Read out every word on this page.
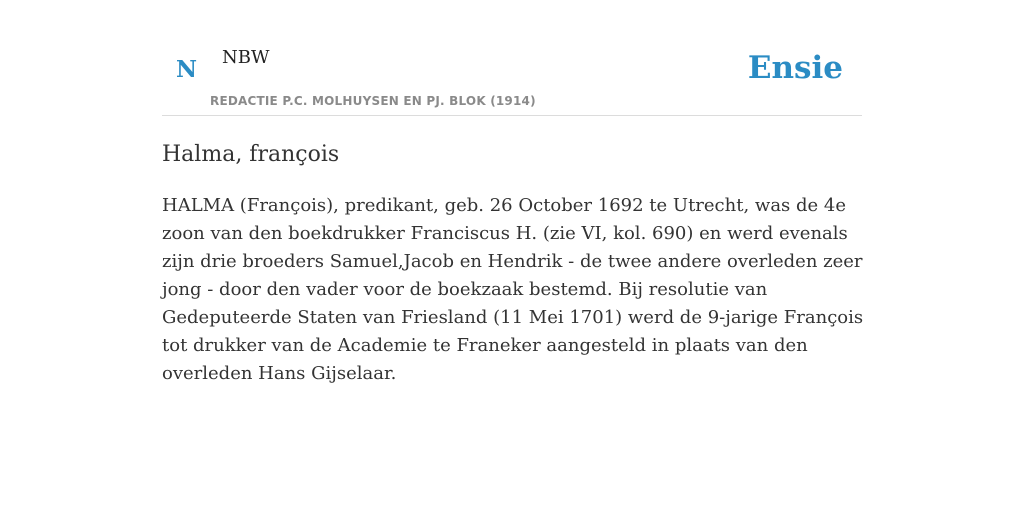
N NBW
REDACTIE P.C. MOLHUYSEN EN PJ. BLOK (1914)
Ensie
Halma, françois

HALMA (François), predikant, geb. 26 October 1692 te Utrecht, was de 4e zoon van den boekdrukker Franciscus H. (zie VI, kol. 690) en werd evenals zijn drie broeders Samuel,Jacob en Hendrik - de twee andere overleden zeer jong - door den vader voor de boekzaak bestemd. Bij resolutie van Gedeputeerde Staten van Friesland (11 Mei 1701) werd de 9-jarige François tot drukker van de Academie te Franeker aangesteld in plaats van den overleden Hans Gijselaar.
